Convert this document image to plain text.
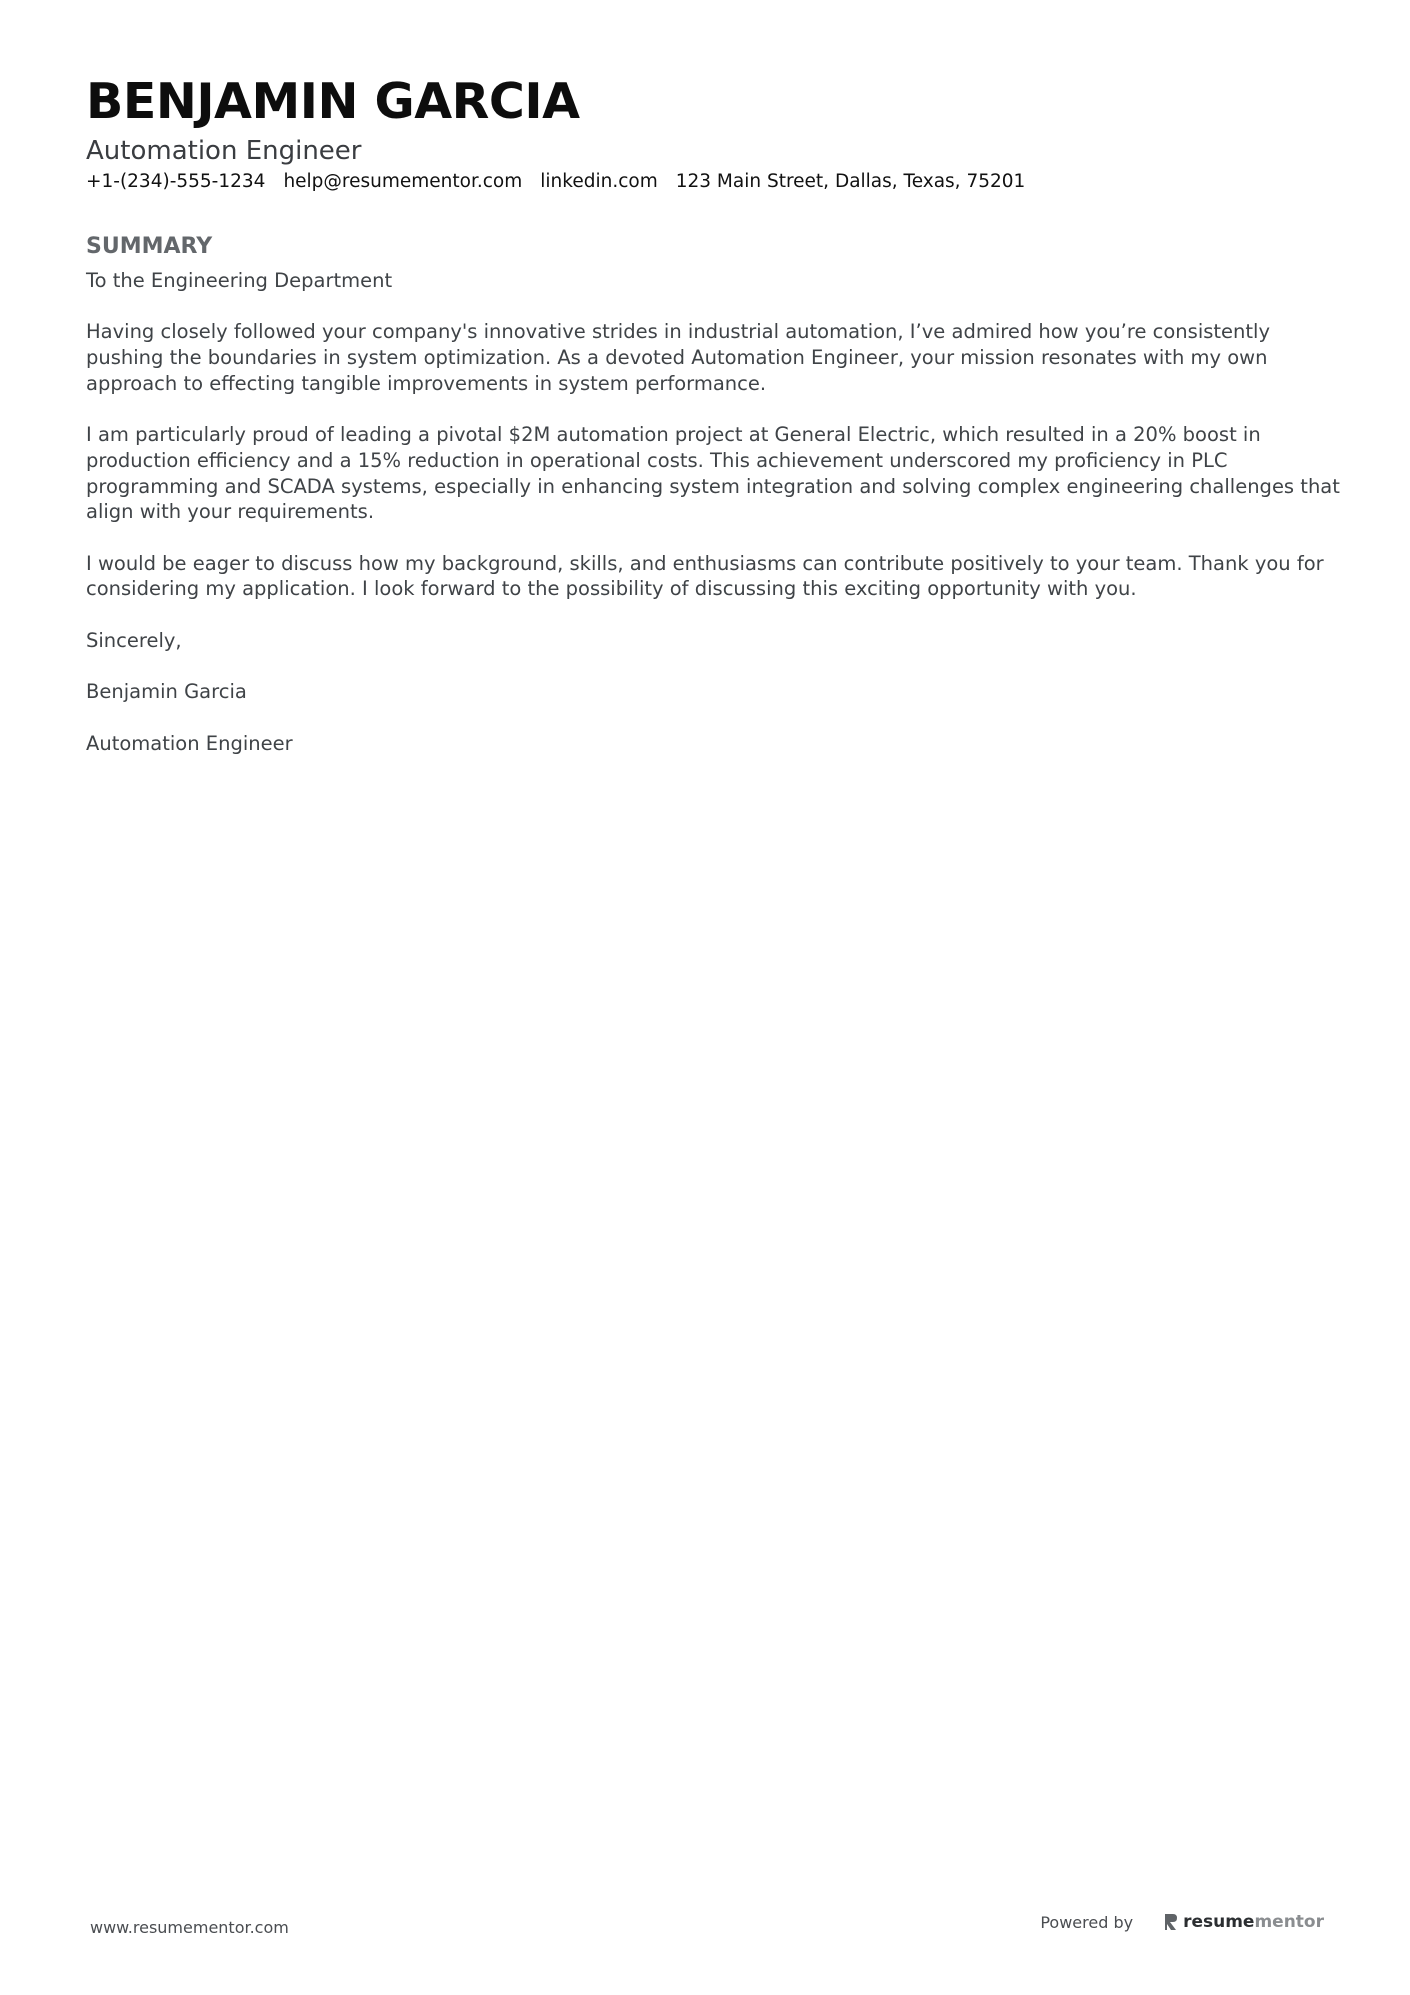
BENJAMIN GARCIA
Automation Engineer
+1-(234)-555-1234 help@resumementor.com linkedin.com 123 Main Street, Dallas, Texas, 75201
SUMMARY

To the Engineering Department

Having closely followed your company's innovative strides in industrial automation, I’ve admired how you’re consistently pushing the boundaries in system optimization. As a devoted Automation Engineer, your mission resonates with my own approach to effecting tangible improvements in system performance.

I am particularly proud of leading a pivotal $2M automation project at General Electric, which resulted in a 20% boost in production efficiency and a 15% reduction in operational costs. This achievement underscored my proficiency in PLC programming and SCADA systems, especially in enhancing system integration and solving complex engineering challenges that align with your requirements.

I would be eager to discuss how my background, skills, and enthusiasms can contribute positively to your team. Thank you for considering my application. I look forward to the possibility of discussing this exciting opportunity with you.

Sincerely,

Benjamin Garcia

Automation Engineer

www.resumementor.com	Powered by	resumementor
